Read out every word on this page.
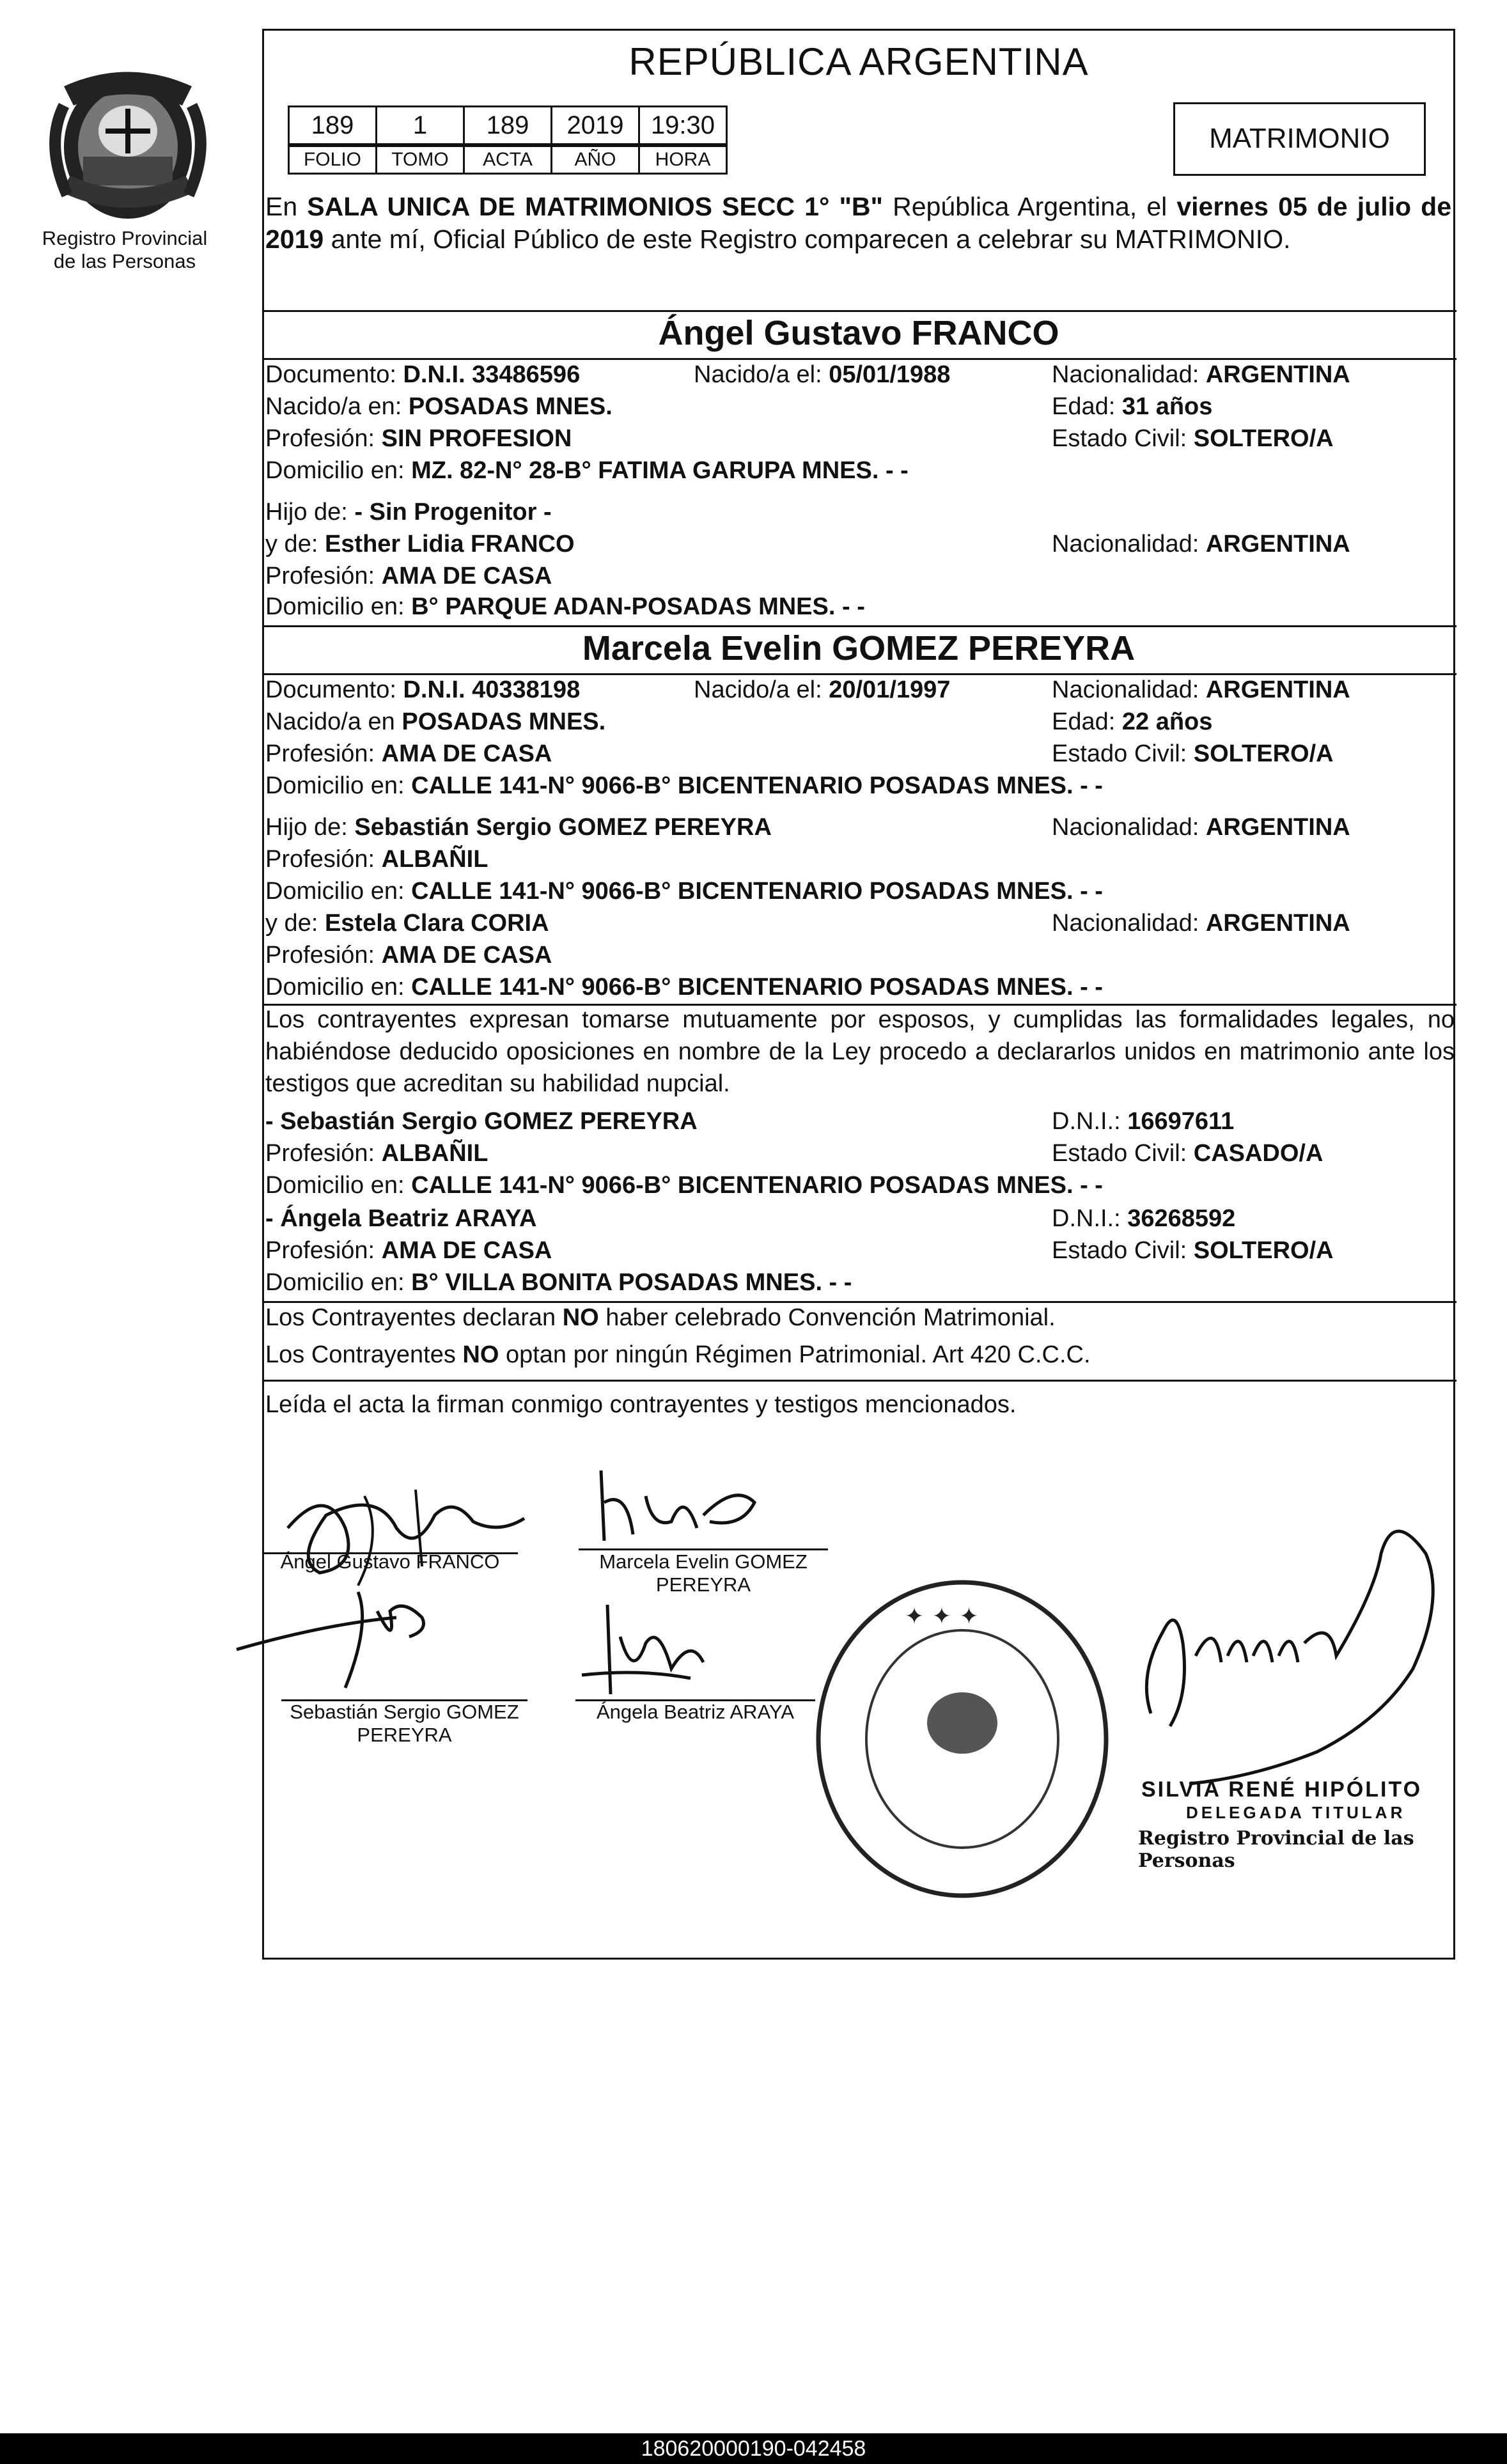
Registro Provincial
de las Personas
REPÚBLICA ARGENTINA
189	1	189	2019	19:30
FOLIO	TOMO	ACTA	AÑO	HORA
MATRIMONIO
En SALA UNICA DE MATRIMONIOS SECC 1° "B" República Argentina, el viernes 05 de julio de 2019 ante mí, Oficial Público de este Registro comparecen a celebrar su MATRIMONIO.
Ángel Gustavo FRANCO
Documento: D.N.I. 33486596	Nacido/a el: 05/01/1988	Nacionalidad: ARGENTINA
Nacido/a en: POSADAS MNES.	Edad: 31 años
Profesión: SIN PROFESION	Estado Civil: SOLTERO/A
Domicilio en: MZ. 82-N° 28-B° FATIMA GARUPA MNES. - -
Hijo de: - Sin Progenitor -
y de: Esther Lidia FRANCO	Nacionalidad: ARGENTINA
Profesión: AMA DE CASA
Domicilio en: B° PARQUE ADAN-POSADAS MNES. - -
Marcela Evelin GOMEZ PEREYRA
Documento: D.N.I. 40338198	Nacido/a el: 20/01/1997	Nacionalidad: ARGENTINA
Nacido/a en POSADAS MNES.	Edad: 22 años
Profesión: AMA DE CASA	Estado Civil: SOLTERO/A
Domicilio en: CALLE 141-N° 9066-B° BICENTENARIO POSADAS MNES. - -
Hijo de: Sebastián Sergio GOMEZ PEREYRA	Nacionalidad: ARGENTINA
Profesión: ALBAÑIL
Domicilio en: CALLE 141-N° 9066-B° BICENTENARIO POSADAS MNES. - -
y de: Estela Clara CORIA	Nacionalidad: ARGENTINA
Profesión: AMA DE CASA
Domicilio en: CALLE 141-N° 9066-B° BICENTENARIO POSADAS MNES. - -
Los contrayentes expresan tomarse mutuamente por esposos, y cumplidas las formalidades legales, no habiéndose deducido oposiciones en nombre de la Ley procedo a declararlos unidos en matrimonio ante los testigos que acreditan su habilidad nupcial.
- Sebastián Sergio GOMEZ PEREYRA	D.N.I.: 16697611
Profesión: ALBAÑIL	Estado Civil: CASADO/A
Domicilio en: CALLE 141-N° 9066-B° BICENTENARIO POSADAS MNES. - -
- Ángela Beatriz ARAYA	D.N.I.: 36268592
Profesión: AMA DE CASA	Estado Civil: SOLTERO/A
Domicilio en: B° VILLA BONITA POSADAS MNES. - -
Los Contrayentes declaran NO haber celebrado Convención Matrimonial.
Los Contrayentes NO optan por ningún Régimen Patrimonial. Art 420 C.C.C.
Leída el acta la firman conmigo contrayentes y testigos mencionados.
Ángel Gustavo FRANCO	Marcela Evelin GOMEZ
PEREYRA
Sebastián Sergio GOMEZ
PEREYRA
Ángela Beatriz ARAYA
✦ ✦ ✦
SILVIA RENÉ HIPÓLITO
DELEGADA TITULAR
Registro Provincial de las Personas
180620000190-042458
